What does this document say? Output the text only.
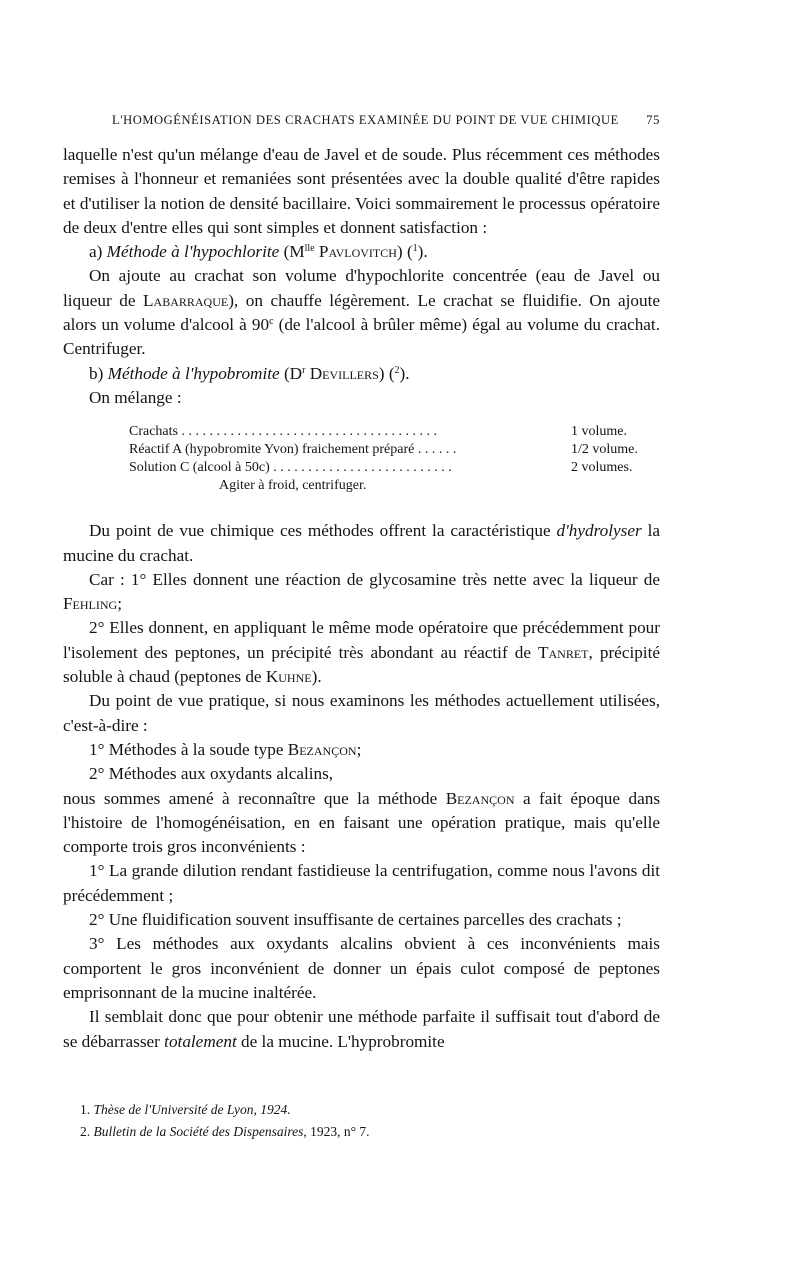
L'HOMOGÉNÉISATION DES CRACHATS EXAMINÉE DU POINT DE VUE CHIMIQUE 75

laquelle n'est qu'un mélange d'eau de Javel et de soude. Plus récemment ces méthodes remises à l'honneur et remaniées sont présentées avec la double qualité d'être rapides et d'utiliser la notion de densité bacillaire. Voici sommairement le processus opératoire de deux d'entre elles qui sont simples et donnent satisfaction :

a) Méthode à l'hypochlorite ($M^{lle}$ Pavlovitch) ($^1$).

On ajoute au crachat son volume d'hypochlorite concentrée (eau de Javel ou liqueur de Labarraque), on chauffe légèrement. Le crachat se fluidifie. On ajoute alors un volume d'alcool à 90$^c$ (de l'alcool à brûler même) égal au volume du crachat. Centrifuger.

b) Méthode à l'hypobromite ($D^r$ Devillers) ($^2$).

On mélange :

Crachats . . . . . . . . . . . . . . . . . . . . . . . . . . . . . . . . . . . . .	1 volume.
Réactif A (hypobromite Yvon) fraichement préparé . . . . . .	1/2 volume.
Solution C (alcool à 50c) . . . . . . . . . . . . . . . . . . . . . . . . . .	2 volumes.
Agiter à froid, centrifuger.

Du point de vue chimique ces méthodes offrent la caractéristique d'hydrolyser la mucine du crachat.

Car : 1° Elles donnent une réaction de glycosamine très nette avec la liqueur de Fehling;

2° Elles donnent, en appliquant le même mode opératoire que précédemment pour l'isolement des peptones, un précipité très abondant au réactif de Tanret, précipité soluble à chaud (peptones de Kuhne).

Du point de vue pratique, si nous examinons les méthodes actuellement utilisées, c'est-à-dire :

1° Méthodes à la soude type Bezançon;

2° Méthodes aux oxydants alcalins,

nous sommes amené à reconnaître que la méthode Bezançon a fait époque dans l'histoire de l'homogénéisation, en en faisant une opération pratique, mais qu'elle comporte trois gros inconvénients :

1° La grande dilution rendant fastidieuse la centrifugation, comme nous l'avons dit précédemment ;

2° Une fluidification souvent insuffisante de certaines parcelles des crachats ;

3° Les méthodes aux oxydants alcalins obvient à ces inconvénients mais comportent le gros inconvénient de donner un épais culot composé de peptones emprisonnant de la mucine inaltérée.

Il semblait donc que pour obtenir une méthode parfaite il suffisait tout d'abord de se débarrasser totalement de la mucine. L'hyprobromite

1. Thèse de l'Université de Lyon, 1924.
2. Bulletin de la Société des Dispensaires, 1923, n° 7.
